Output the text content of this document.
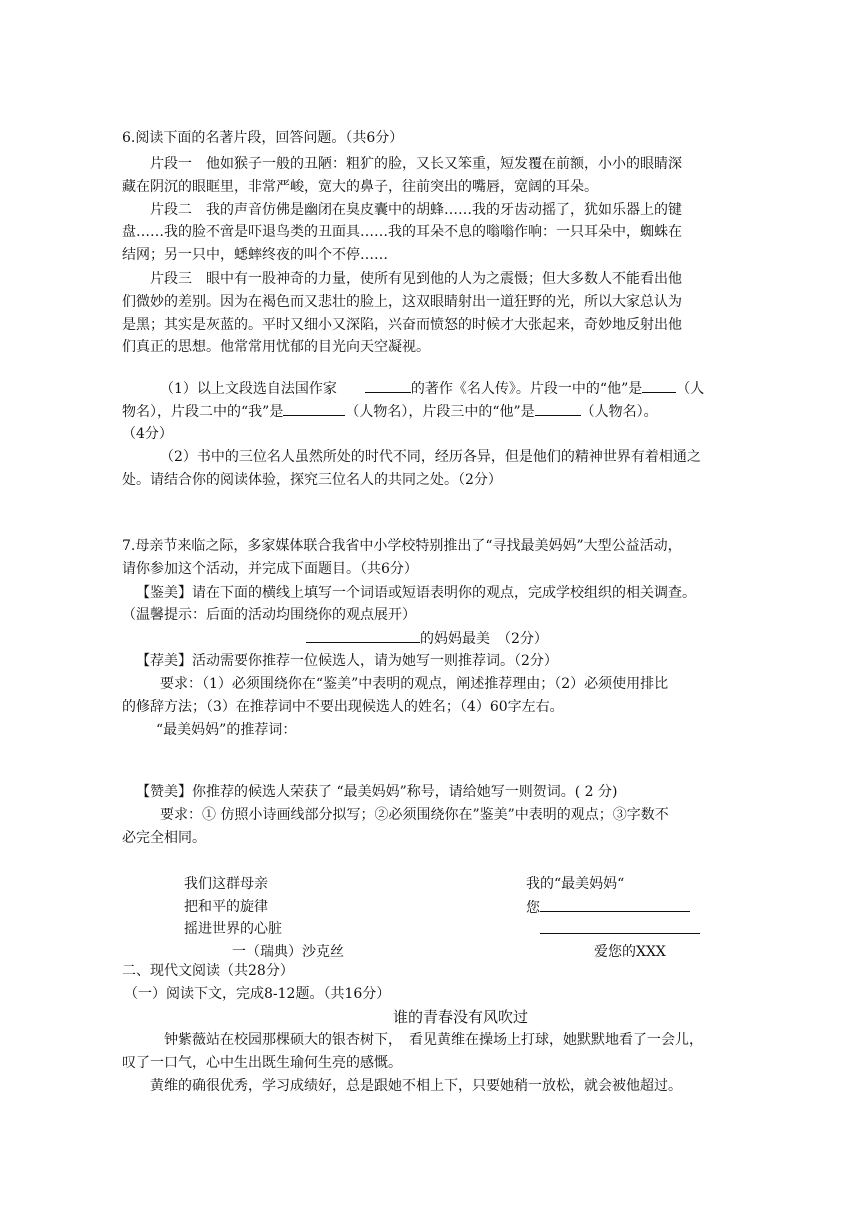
6.阅读下面的名著片段，回答问题。（共6分）
片段一　他如猴子一般的丑陋：粗犷的脸，又长又笨重，短发覆在前额，小小的眼睛深
藏在阴沉的眼眶里，非常严峻，宽大的鼻子，往前突出的嘴唇，宽阔的耳朵。
片段二　我的声音仿佛是幽闭在臭皮囊中的胡蜂……我的牙齿动摇了，犹如乐器上的键
盘……我的脸不啻是吓退鸟类的丑面具……我的耳朵不息的嗡嗡作响：一只耳朵中，蜘蛛在
结网；另一只中，蟋蟀终夜的叫个不停……
片段三　眼中有一股神奇的力量，使所有见到他的人为之震慑；但大多数人不能看出他
们微妙的差别。因为在褐色而又悲壮的脸上，这双眼睛射出一道狂野的光，所以大家总认为
是黑；其实是灰蓝的。平时又细小又深陷，兴奋而愤怒的时候才大张起来，奇妙地反射出他
们真正的思想。他常常用忧郁的目光向天空凝视。
（1）以上文段选自法国作家	的著作《名人传》。片段一中的“他”是 （人
物名），片段二中的“我”是	（人物名），片段三中的“他”是	（人物名）。
（4分）
（2）书中的三位名人虽然所处的时代不同，经历各异，但是他们的精神世界有着相通之
处。请结合你的阅读体验，探究三位名人的共同之处。（2分）
7.母亲节来临之际，多家媒体联合我省中小学校特别推出了“寻找最美妈妈”大型公益活动，
请你参加这个活动，并完成下面题目。（共6分）
【鉴美】请在下面的横线上填写一个词语或短语表明你的观点，完成学校组织的相关调查。
（温馨提示：后面的活动均围绕你的观点展开）
的妈妈最美　（2分）
【荐美】活动需要你推荐一位候选人，请为她写一则推荐词。（2分）
要求：（1）必须围绕你在“鉴美”中表明的观点，阐述推荐理由；（2）必须使用排比
的修辞方法；（3）在推荐词中不要出现候选人的姓名；（4）60字左右。
“最美妈妈”的推荐词：
【赞美】你推荐的候选人荣获了 “最美妈妈”称号，请给她写一则贺词。( 2 分)
要求：① 仿照小诗画线部分拟写；②必须围绕你在”鉴美”中表明的观点；③字数不
必完全相同。
我们这群母亲
把和平的旋律
摇进世界的心脏
一（瑞典）沙克丝
我的“最美妈妈“
您
爱您的XXX
二、现代文阅读（共28分）
（一）阅读下文，完成8-12题。（共16分）
谁的青春没有风吹过
钟紫薇站在校园那棵硕大的银杏树下，　看见黄维在操场上打球，她默默地看了一会儿，
叹了一口气，心中生出既生瑜何生亮的感慨。
黄维的确很优秀，学习成绩好，总是跟她不相上下，只要她稍一放松，就会被他超过。
